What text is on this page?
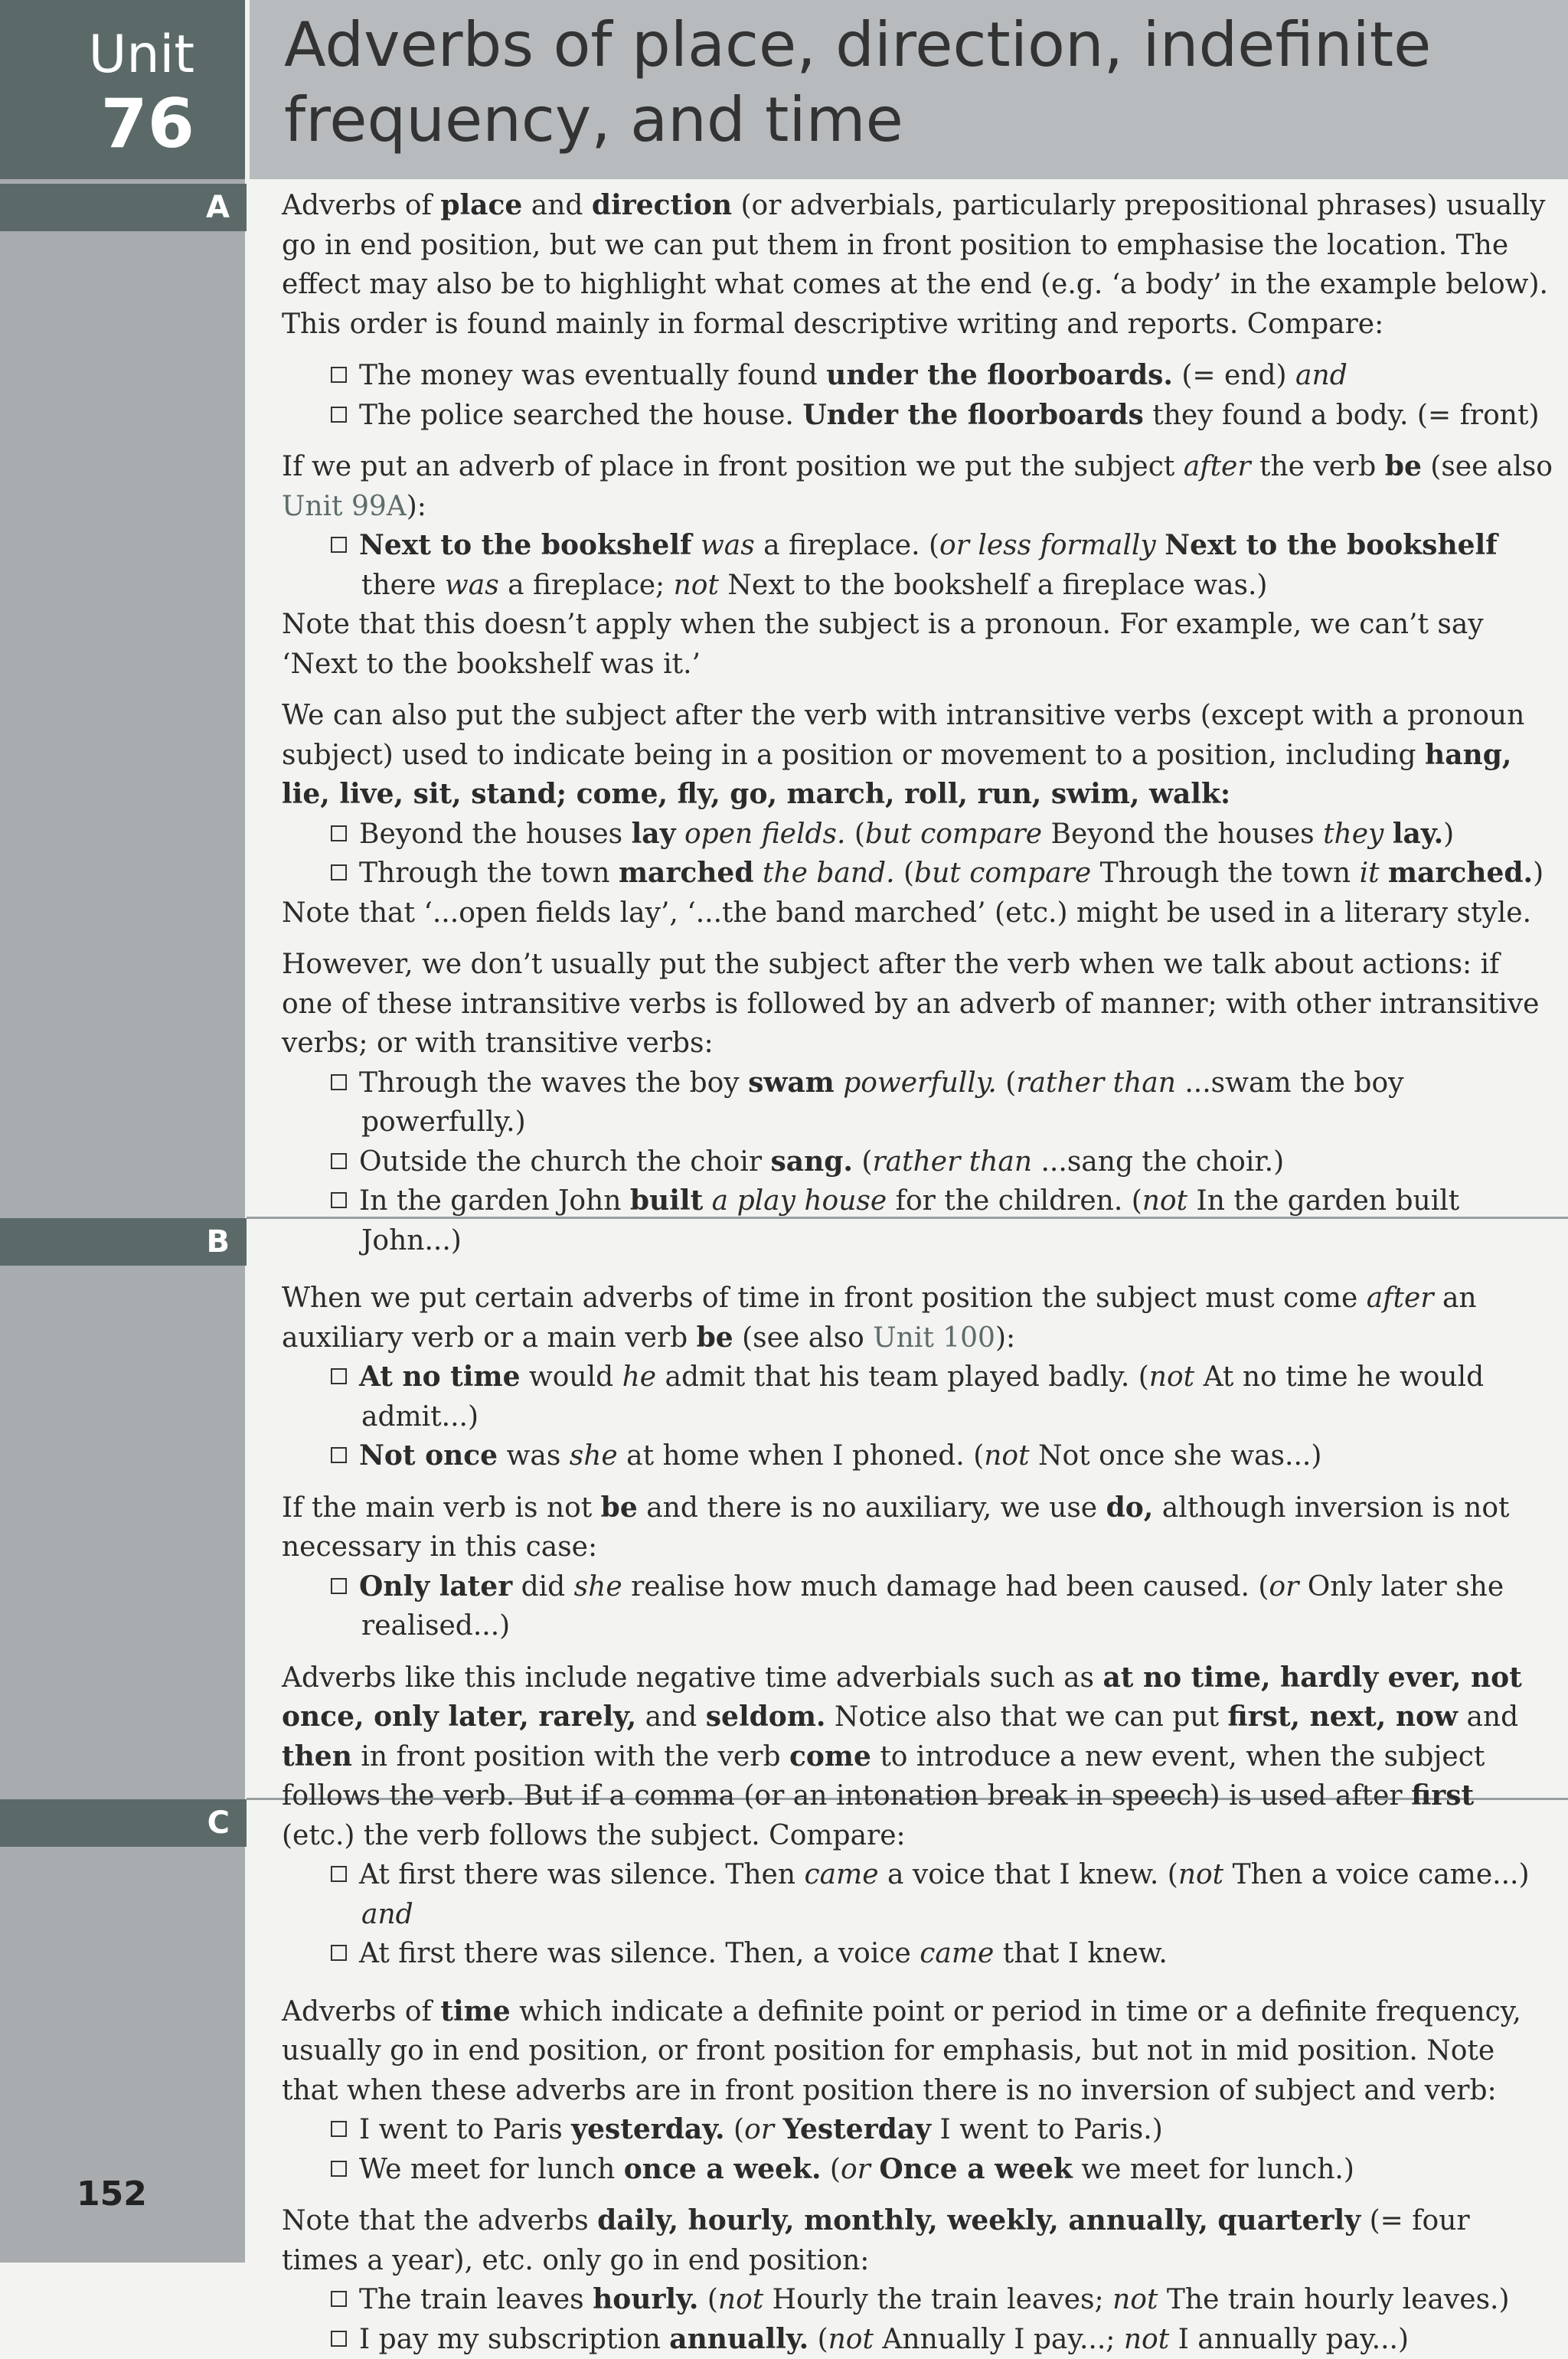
Unit
76
Adverbs of place, direction, indefinite frequency, and time
A
B
C
152

Adverbs of place and direction (or adverbials, particularly prepositional phrases) usually go in end position, but we can put them in front position to emphasise the location. The effect may also be to highlight what comes at the end (e.g. ‘a body’ in the example below). This order is found mainly in formal descriptive writing and reports. Compare:

The money was eventually found under the floorboards. (= end) and

The police searched the house. Under the floorboards they found a body. (= front)

If we put an adverb of place in front position we put the subject after the verb be (see also Unit 99A):

Next to the bookshelf was a fireplace. (or less formally Next to the bookshelf there was a fireplace; not Next to the bookshelf a fireplace was.)

Note that this doesn’t apply when the subject is a pronoun. For example, we can’t say ‘Next to the bookshelf was it.’

We can also put the subject after the verb with intransitive verbs (except with a pronoun subject) used to indicate being in a position or movement to a position, including hang, lie, live, sit, stand; come, fly, go, march, roll, run, swim, walk:

Beyond the houses lay open fields. (but compare Beyond the houses they lay.)

Through the town marched the band. (but compare Through the town it marched.)

Note that ‘...open fields lay’, ‘...the band marched’ (etc.) might be used in a literary style.

However, we don’t usually put the subject after the verb when we talk about actions: if one of these intransitive verbs is followed by an adverb of manner; with other intransitive verbs; or with transitive verbs:

Through the waves the boy swam powerfully. (rather than ...swam the boy powerfully.)

Outside the church the choir sang. (rather than ...sang the choir.)

In the garden John built a play house for the children. (not In the garden built John...)

When we put certain adverbs of time in front position the subject must come after an auxiliary verb or a main verb be (see also Unit 100):

At no time would he admit that his team played badly. (not At no time he would admit...)

Not once was she at home when I phoned. (not Not once she was...)

If the main verb is not be and there is no auxiliary, we use do, although inversion is not necessary in this case:

Only later did she realise how much damage had been caused. (or Only later she realised...)

Adverbs like this include negative time adverbials such as at no time, hardly ever, not once, only later, rarely, and seldom. Notice also that we can put first, next, now and then in front position with the verb come to introduce a new event, when the subject follows the verb. But if a comma (or an intonation break in speech) is used after first (etc.) the verb follows the subject. Compare:

At first there was silence. Then came a voice that I knew. (not Then a voice came...) and

At first there was silence. Then, a voice came that I knew.

Adverbs of time which indicate a definite point or period in time or a definite frequency, usually go in end position, or front position for emphasis, but not in mid position. Note that when these adverbs are in front position there is no inversion of subject and verb:

I went to Paris yesterday. (or Yesterday I went to Paris.)

We meet for lunch once a week. (or Once a week we meet for lunch.)

Note that the adverbs daily, hourly, monthly, weekly, annually, quarterly (= four times a year), etc. only go in end position:

The train leaves hourly. (not Hourly the train leaves; not The train hourly leaves.)

I pay my subscription annually. (not Annually I pay...; not I annually pay...)
